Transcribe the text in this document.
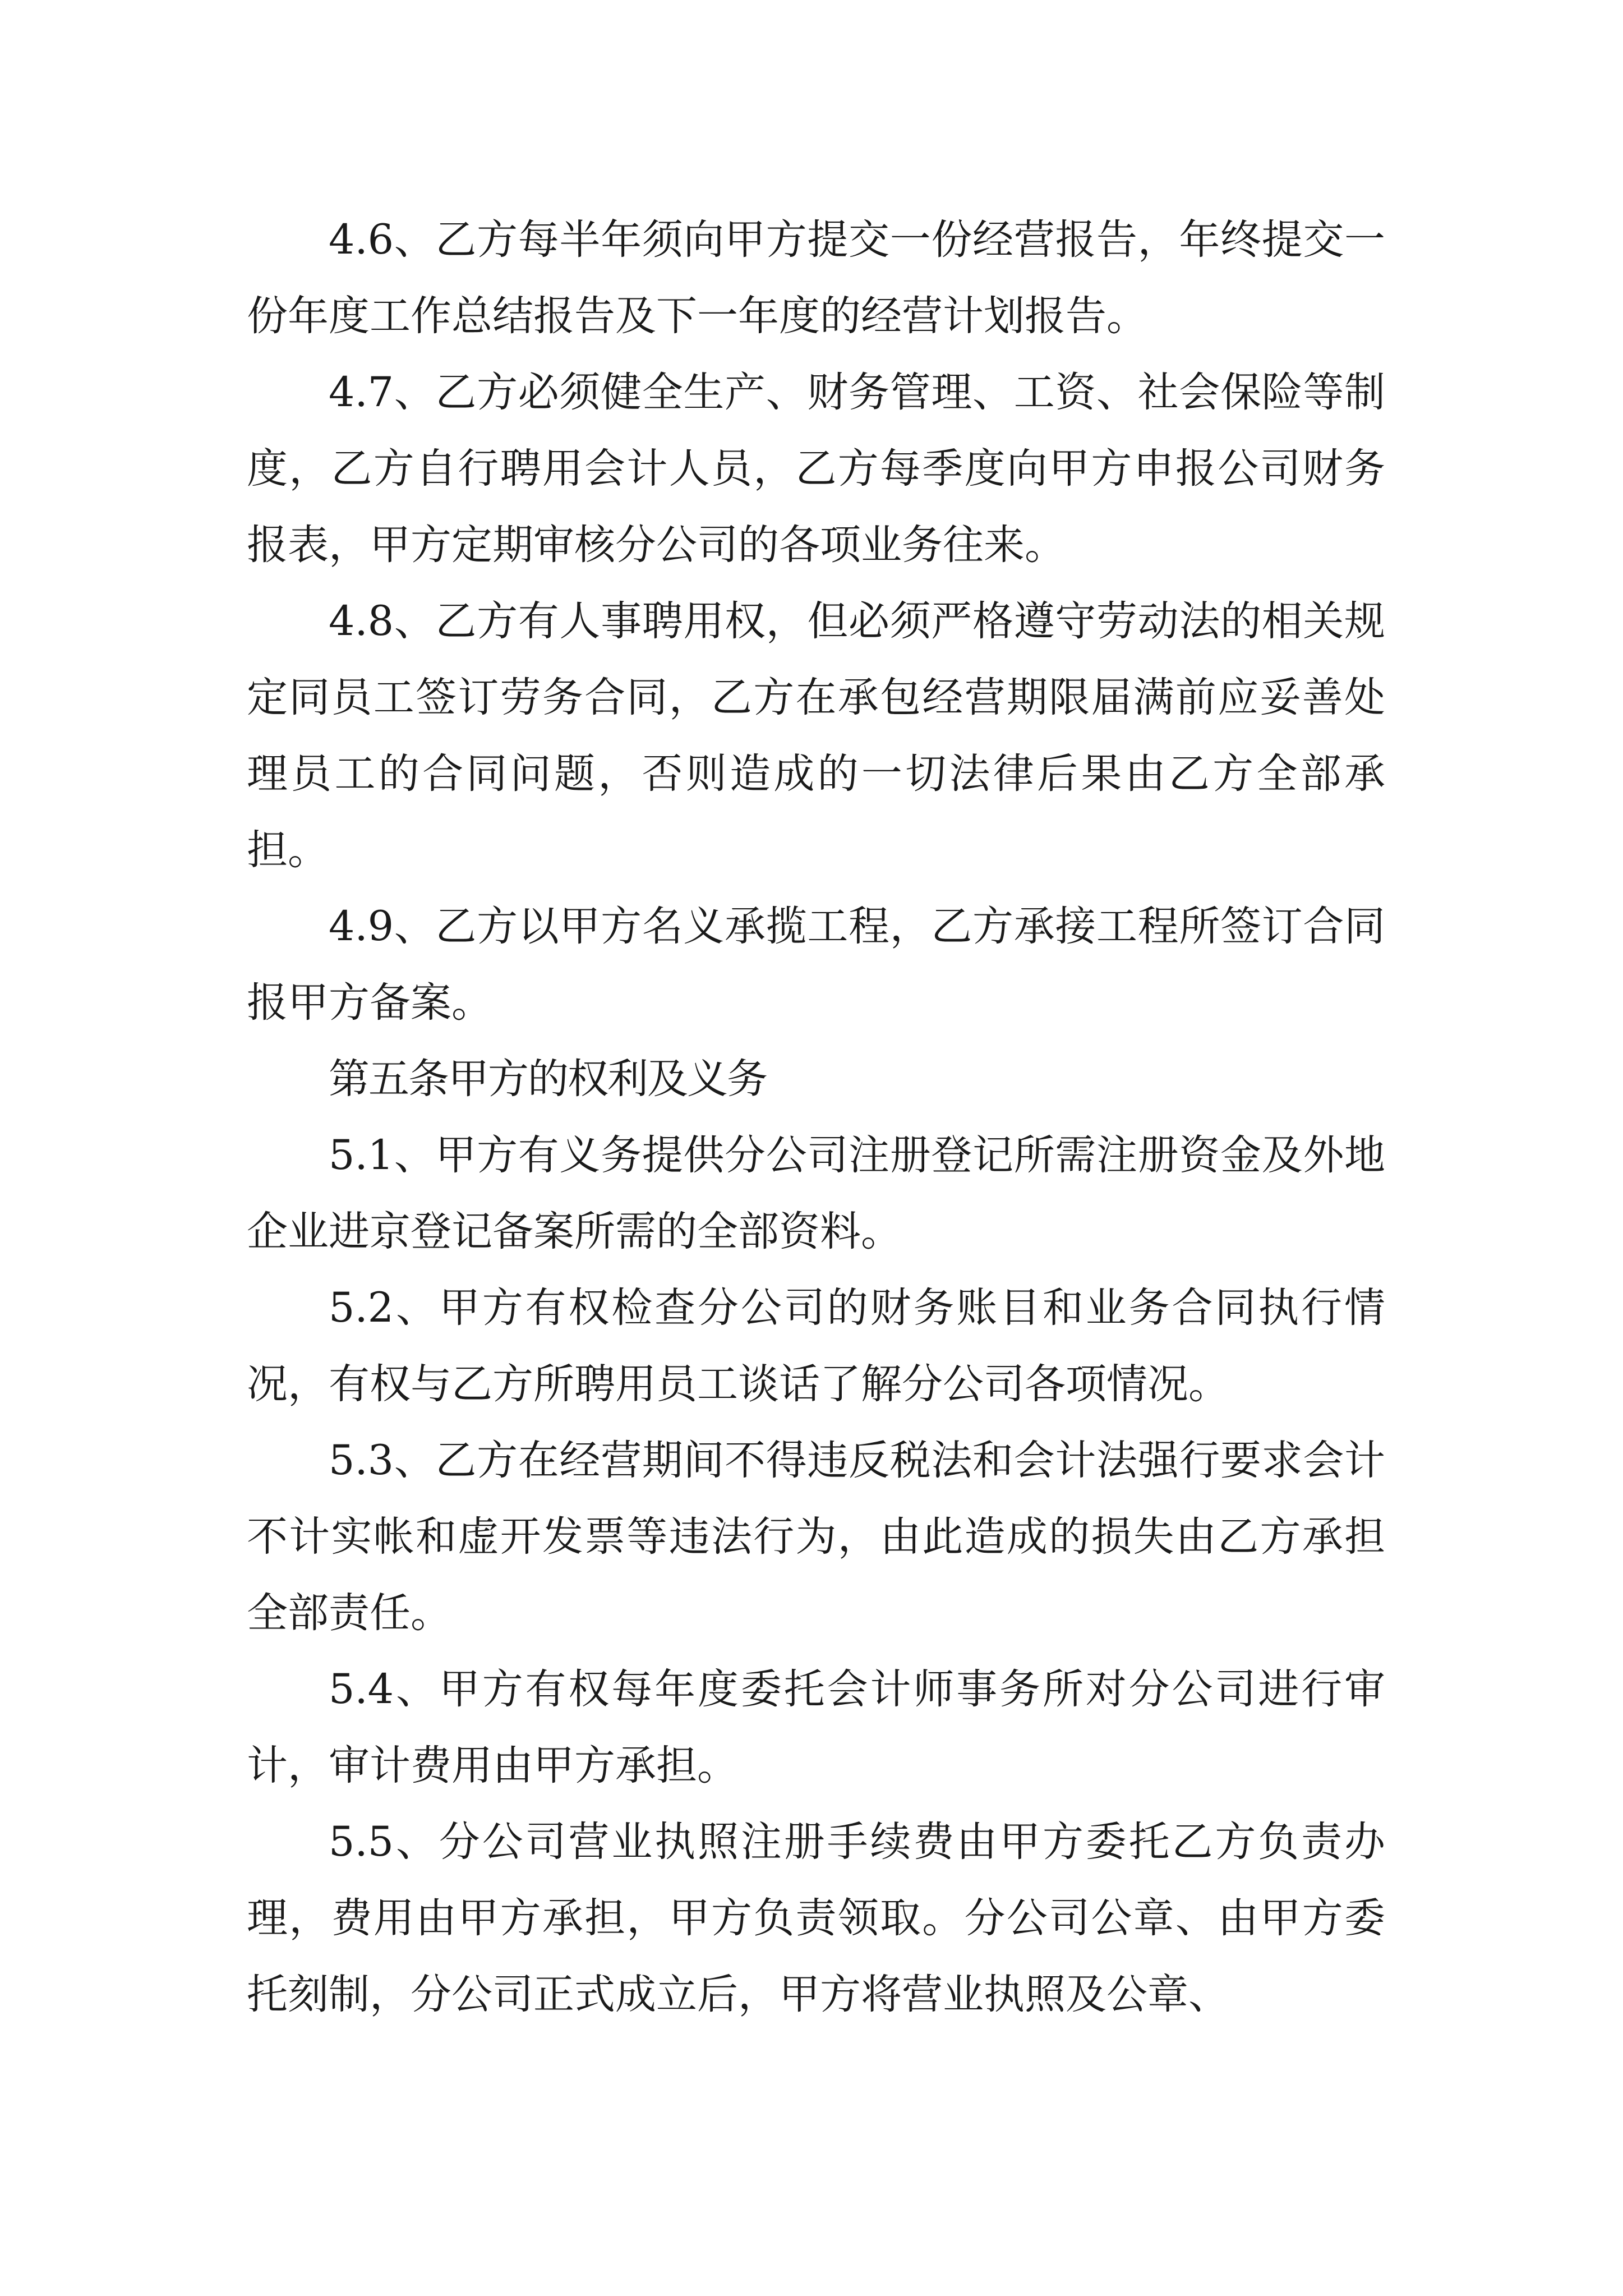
4.6、乙方每半年须向甲方提交一份经营报告，年终提交一份年度工作总结报告及下一年度的经营计划报告。

4.7、乙方必须健全生产、财务管理、工资、社会保险等制度，乙方自行聘用会计人员，乙方每季度向甲方申报公司财务报表，甲方定期审核分公司的各项业务往来。

4.8、乙方有人事聘用权，但必须严格遵守劳动法的相关规定同员工签订劳务合同，乙方在承包经营期限届满前应妥善处理员工的合同问题，否则造成的一切法律后果由乙方全部承担。

4.9、乙方以甲方名义承揽工程，乙方承接工程所签订合同报甲方备案。

第五条甲方的权利及义务

5.1、甲方有义务提供分公司注册登记所需注册资金及外地企业进京登记备案所需的全部资料。

5.2、甲方有权检查分公司的财务账目和业务合同执行情况，有权与乙方所聘用员工谈话了解分公司各项情况。

5.3、乙方在经营期间不得违反税法和会计法强行要求会计不计实帐和虚开发票等违法行为，由此造成的损失由乙方承担全部责任。

5.4、甲方有权每年度委托会计师事务所对分公司进行审计，审计费用由甲方承担。

5.5、分公司营业执照注册手续费由甲方委托乙方负责办理，费用由甲方承担，甲方负责领取。分公司公章、由甲方委托刻制，分公司正式成立后，甲方将营业执照及公章、
